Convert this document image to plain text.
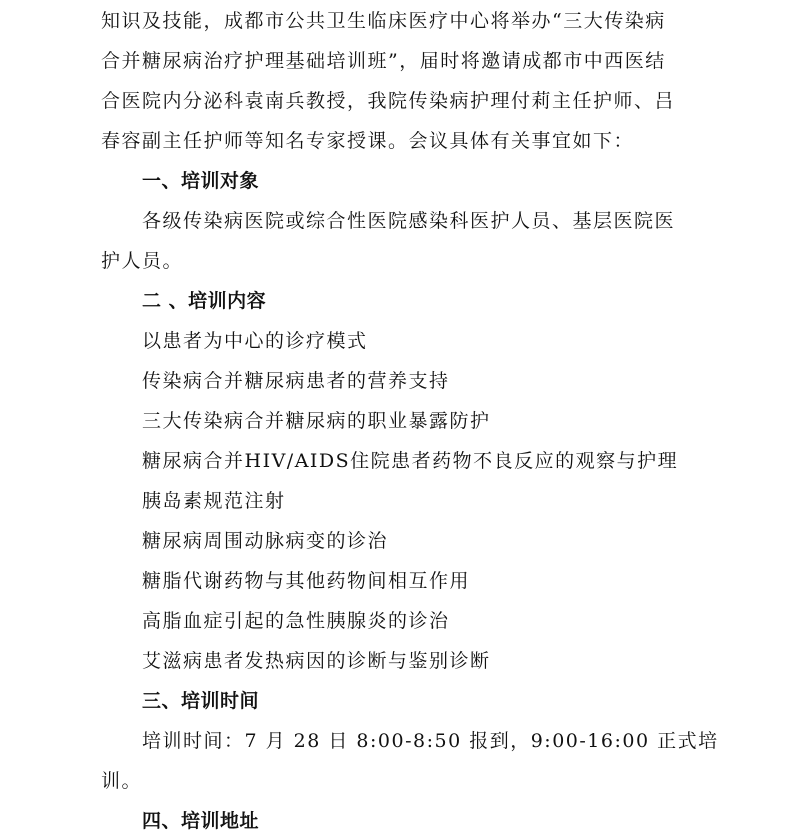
知识及技能，成都市公共卫生临床医疗中心将举办“三大传染病
合并糖尿病治疗护理基础培训班”，届时将邀请成都市中西医结
合医院内分泌科袁南兵教授，我院传染病护理付莉主任护师、吕
春容副主任护师等知名专家授课。会议具体有关事宜如下：
一、培训对象
各级传染病医院或综合性医院感染科医护人员、基层医院医
护人员。
二 、培训内容
以患者为中心的诊疗模式
传染病合并糖尿病患者的营养支持
三大传染病合并糖尿病的职业暴露防护
糖尿病合并HIV/AIDS住院患者药物不良反应的观察与护理
胰岛素规范注射
糖尿病周围动脉病变的诊治
糖脂代谢药物与其他药物间相互作用
高脂血症引起的急性胰腺炎的诊治
艾滋病患者发热病因的诊断与鉴别诊断
三、培训时间
培训时间：7 月 28 日 8:00-8:50 报到，9:00-16:00 正式培
训。
四、培训地址
